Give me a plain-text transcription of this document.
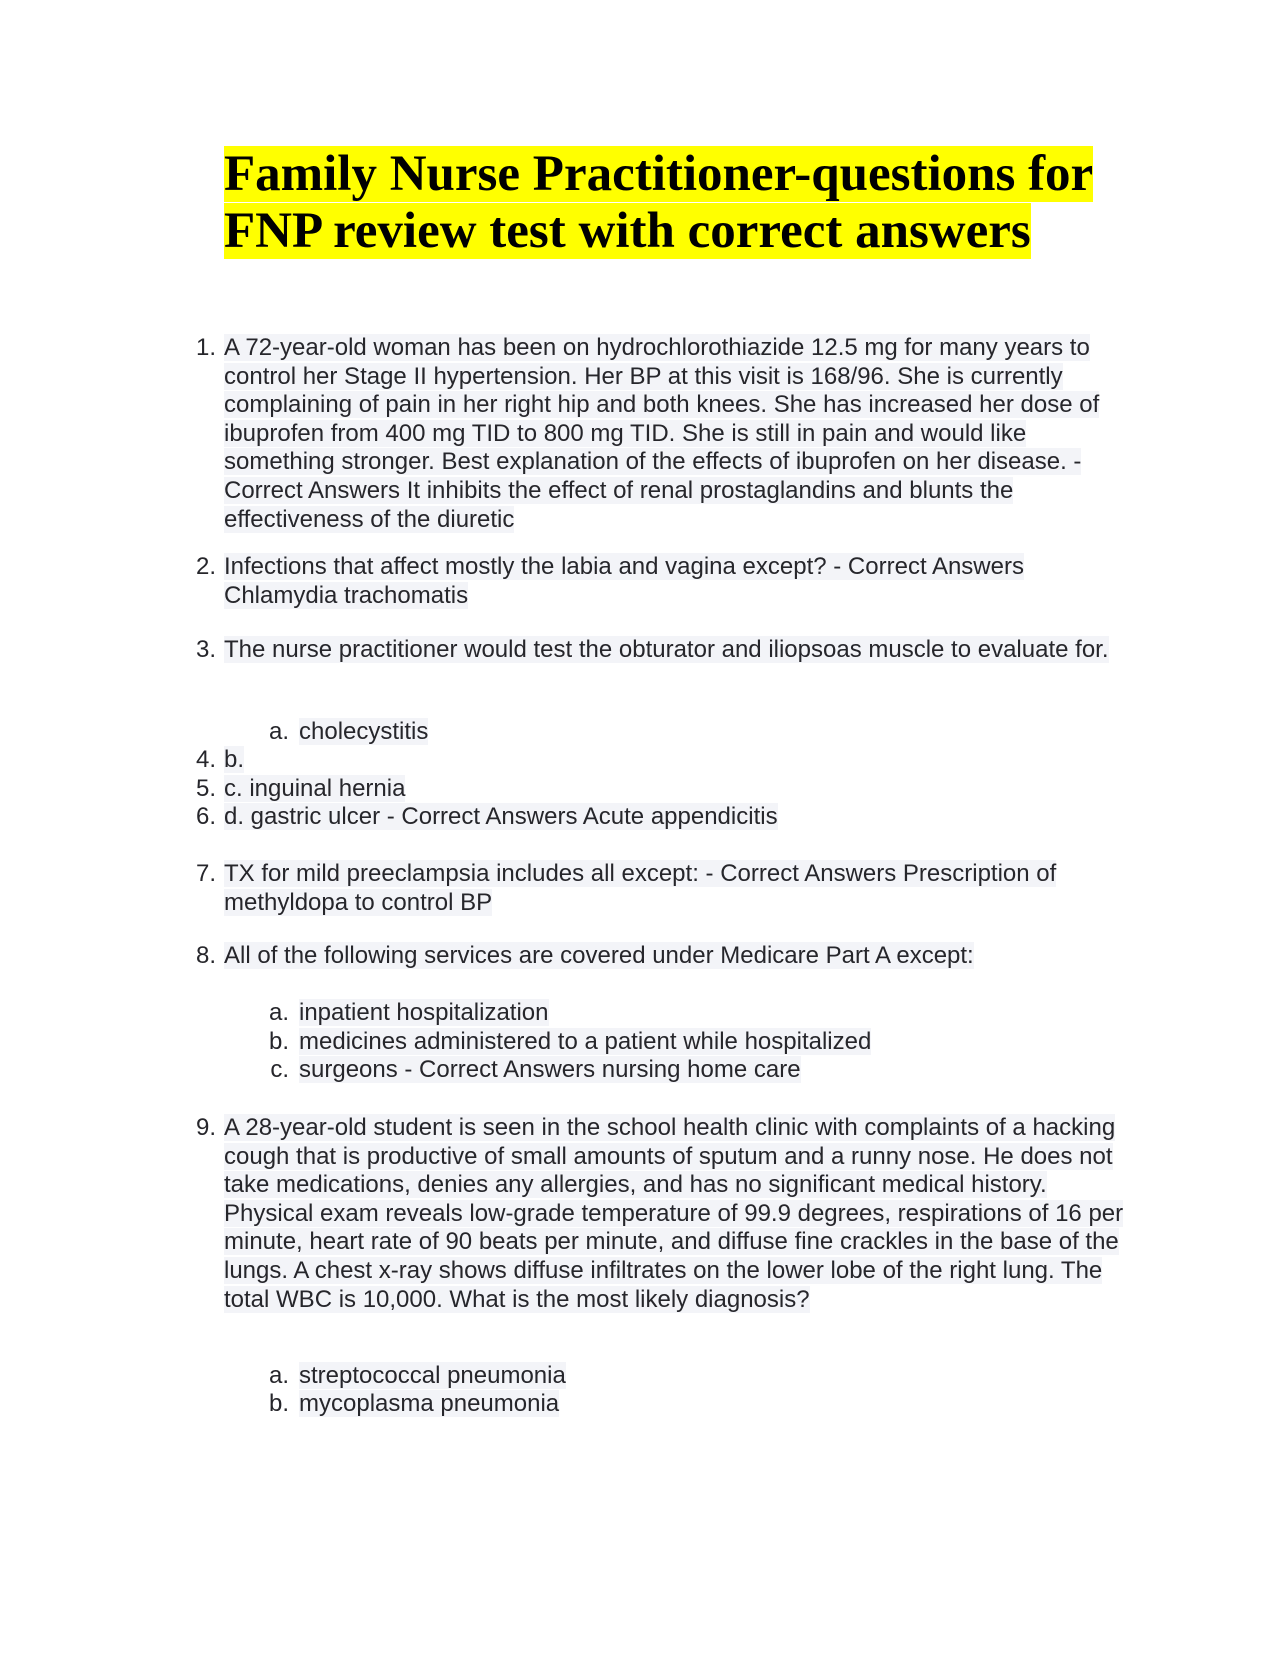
Family Nurse Practitioner-questions for FNP review test with correct answers
1. A 72-year-old woman has been on hydrochlorothiazide 12.5 mg for many years to control her Stage II hypertension. Her BP at this visit is 168/96. She is currently complaining of pain in her right hip and both knees. She has increased her dose of ibuprofen from 400 mg TID to 800 mg TID. She is still in pain and would like something stronger. Best explanation of the effects of ibuprofen on her disease. - Correct Answers It inhibits the effect of renal prostaglandins and blunts the effectiveness of the diuretic
2. Infections that affect mostly the labia and vagina except? - Correct Answers Chlamydia trachomatis
3. The nurse practitioner would test the obturator and iliopsoas muscle to evaluate for.
a. cholecystitis
4. b.
5. c. inguinal hernia
6. d. gastric ulcer - Correct Answers Acute appendicitis
7. TX for mild preeclampsia includes all except: - Correct Answers Prescription of methyldopa to control BP
8. All of the following services are covered under Medicare Part A except:
a. inpatient hospitalization
b. medicines administered to a patient while hospitalized
c. surgeons - Correct Answers nursing home care
9. A 28-year-old student is seen in the school health clinic with complaints of a hacking cough that is productive of small amounts of sputum and a runny nose. He does not take medications, denies any allergies, and has no significant medical history. Physical exam reveals low-grade temperature of 99.9 degrees, respirations of 16 per minute, heart rate of 90 beats per minute, and diffuse fine crackles in the base of the lungs. A chest x-ray shows diffuse infiltrates on the lower lobe of the right lung. The total WBC is 10,000. What is the most likely diagnosis?
a. streptococcal pneumonia
b. mycoplasma pneumonia
